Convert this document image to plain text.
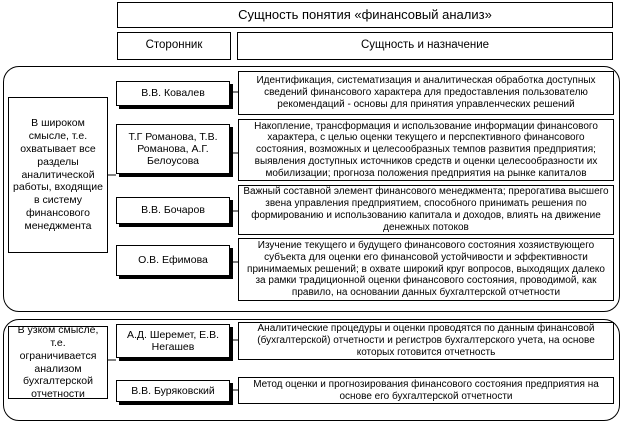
Сущность понятия «финансовый анализ»
Сторонник	Сущность и назначение
В широком смысле, т.е. охватывает все разделы аналитической работы, входящие в систему финансового менеджмента
В.В. Ковалев
Идентификация, систематизация и аналитическая обработка доступных сведений финансового характера для предоставления пользователю рекомендаций - основы для принятия управленческих решений
Т.Г Романова, Т.В. Романова, А.Г. Белоусова
Накопление, трансформация и использование информации финансового характера, с целью оценки текущего и перспективного финансового состояния, возможных и целесообразных темпов развития предприятия; выявления доступных источников средств и оценки целесообразности их мобилизации; прогноза положения предприятия на рынке капиталов
В.В. Бочаров
Важный составной элемент финансового менеджмента; прерогатива высшего звена управления предприятием, способного принимать решения по формированию и использованию капитала и доходов, влиять на движение денежных потоков
О.В. Ефимова
Изучение текущего и будущего финансового состояния хозяиствующего субъекта для оценки его финансовой устойчивости и эффективности принимаемых решений; в охвате широкий круг вопросов, выходящих далеко за рамки традиционной оценки финансового состояния, проводимой, как правило, на основании данных бухгалтерской отчетности
В узком смысле, т.е. ограничивается анализом бухгалтерской отчетности
А.Д. Шеремет, Е.В. Негашев
Аналитические процедуры и оценки проводятся по данным финансовой (бухгалтерской) отчетности и регистров бухгалтерского учета, на основе которых готовится отчетность
В.В. Буряковский
Метод оценки и прогнозирования финансового состояния предприятия на основе его бухгалтерской отчетности
